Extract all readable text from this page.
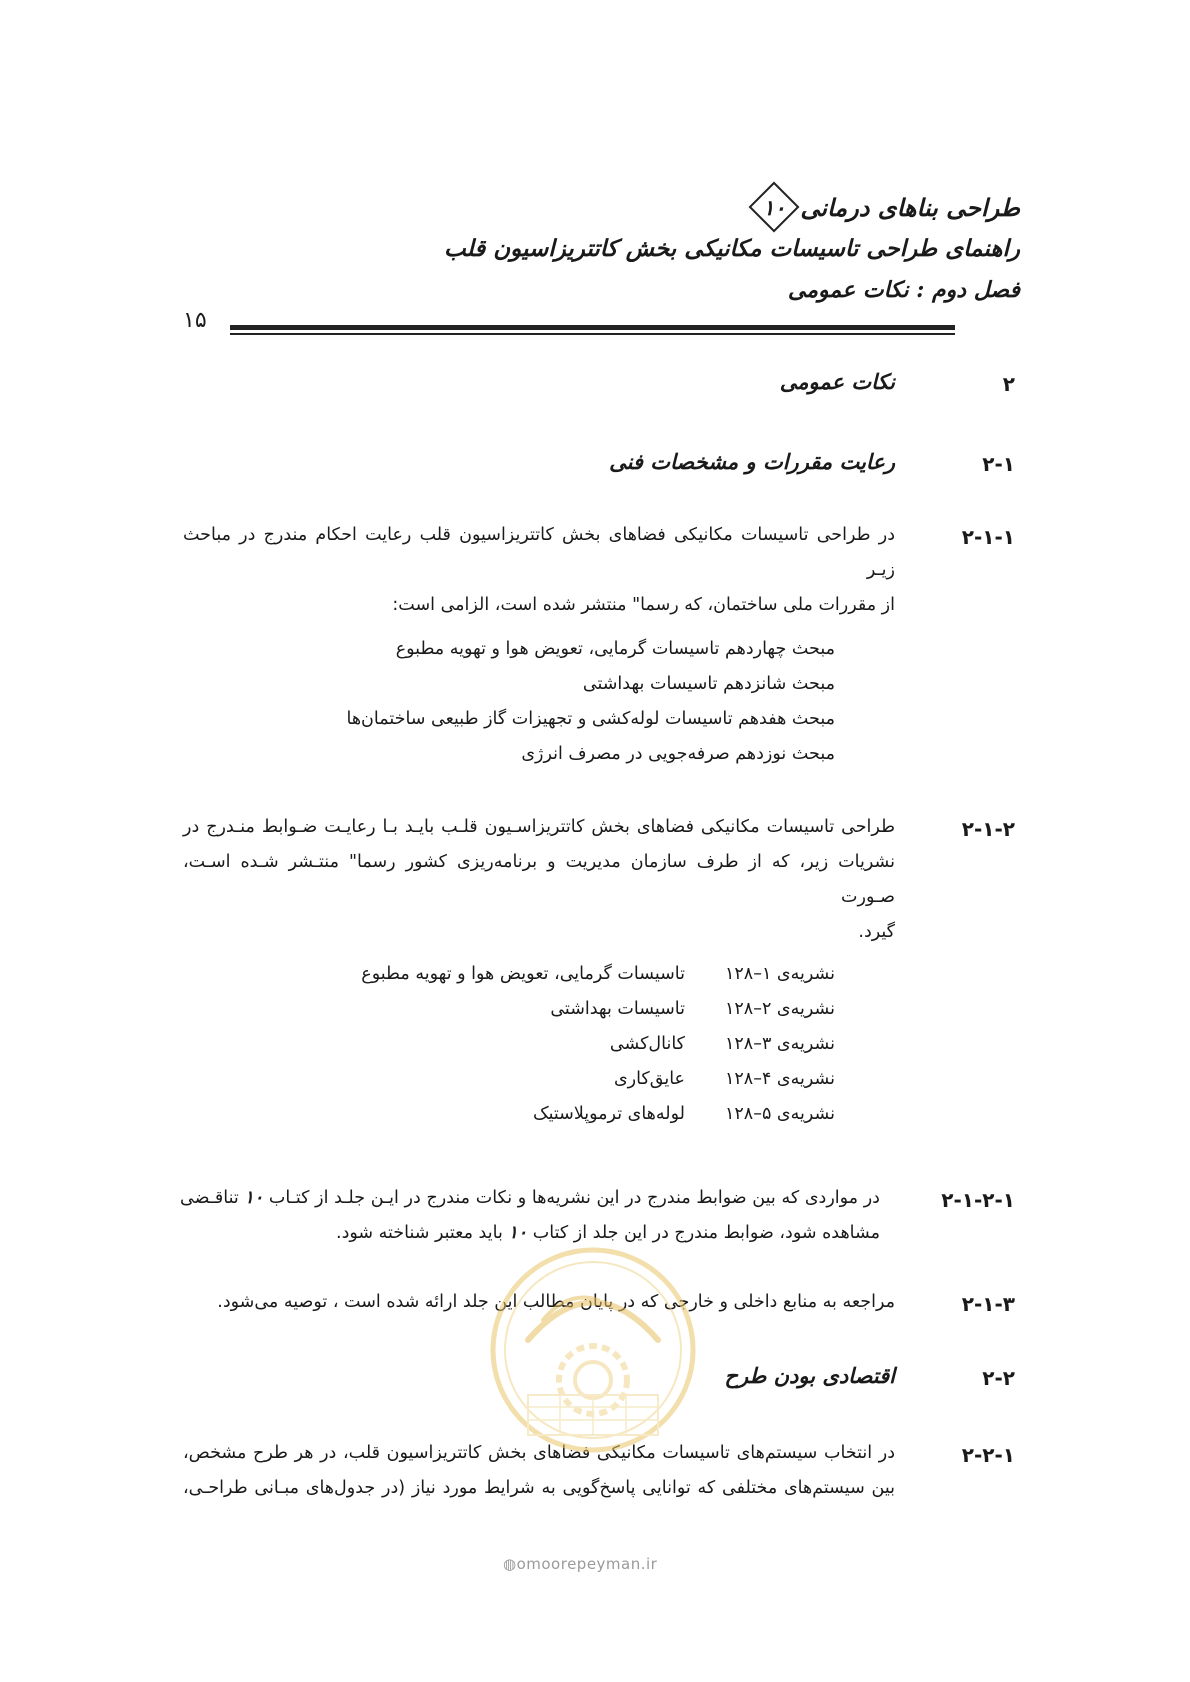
طراحی بناهای درمانی
۱۰
راهنمای طراحی تاسیسات مکانیکی بخش کاتتریزاسیون قلب
فصل دوم : نکات عمومی
۱۵
۲
نکات عمومی
۲-۱
رعایت مقررات و مشخصات فنی
۲-۱-۱
در طراحی تاسیسات مکانیکی فضاهای بخش کاتتریزاسیون قلب رعایت احکام مندرج در مباحث زیـر
از مقررات ملی ساختمان، که رسما" منتشر شده است، الزامی است:
مبحث چهاردهم تاسیسات گرمایی، تعویض هوا و تهویه مطبوع
مبحث شانزدهم تاسیسات بهداشتی
مبحث هفدهم تاسیسات لوله‌کشی و تجهیزات گاز طبیعی ساختمان‌ها
مبحث نوزدهم صرفه‌جویی در مصرف انرژی
۲-۱-۲
طراحی تاسیسات مکانیکی فضاهای بخش کاتتریزاسـیون قلـب بایـد بـا رعایـت ضـوابط منـدرج در
نشریات زیر، که از طرف سازمان مدیریت و برنامه‌ریزی کشور رسما" منتـشر شـده اسـت، صـورت
گیرد.
نشریه‌ی ۱–۱۲۸تاسیسات گرمایی، تعویض هوا و تهویه مطبوع
نشریه‌ی ۲–۱۲۸تاسیسات بهداشتی
نشریه‌ی ۳–۱۲۸کانال‌کشی
نشریه‌ی ۴–۱۲۸عایق‌کاری
نشریه‌ی ۵–۱۲۸لوله‌های ترموپلاستیک
۲-۱-۲-۱
در مواردی که بین ضوابط مندرج در این نشریه‌ها و نکات مندرج در ایـن جلـد از کتـاب ۱۰ تناقـضی
مشاهده شود، ضوابط مندرج در این جلد از کتاب ۱۰ باید معتبر شناخته شود.
۲-۱-۳
مراجعه به منابع داخلی و خارجی که در پایان مطالب این جلد ارائه شده است ، توصیه می‌شود.
۲-۲
اقتصادی بودن طرح
۲-۲-۱
در انتخاب سیستم‌های تاسیسات مکانیکی فضاهای بخش کاتتریزاسیون قلب، در هر طرح مشخص،
بین سیستم‌های مختلفی که توانایی پاسخ‌گویی به شرایط مورد نیاز (در جدول‌های مبـانی طراحـی،
◍omoorepeyman.ir
